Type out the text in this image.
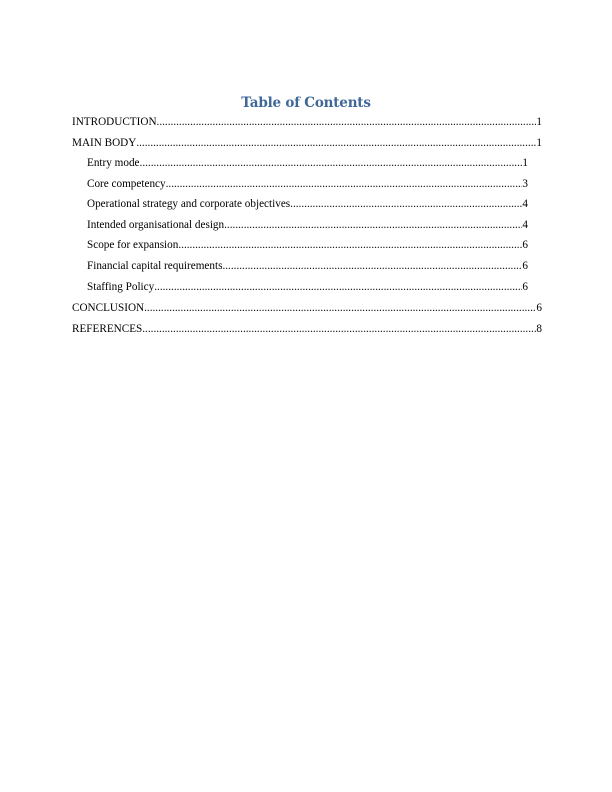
Table of Contents
INTRODUCTION .....	1
MAIN BODY .....	1
Entry mode .....	1
Core competency .....	3
Operational strategy and corporate objectives .....	4
Intended organisational design .....	4
Scope for expansion .....	6
Financial capital requirements .....	6
Staffing Policy .....	6
CONCLUSION .....	6
REFERENCES .....	8
